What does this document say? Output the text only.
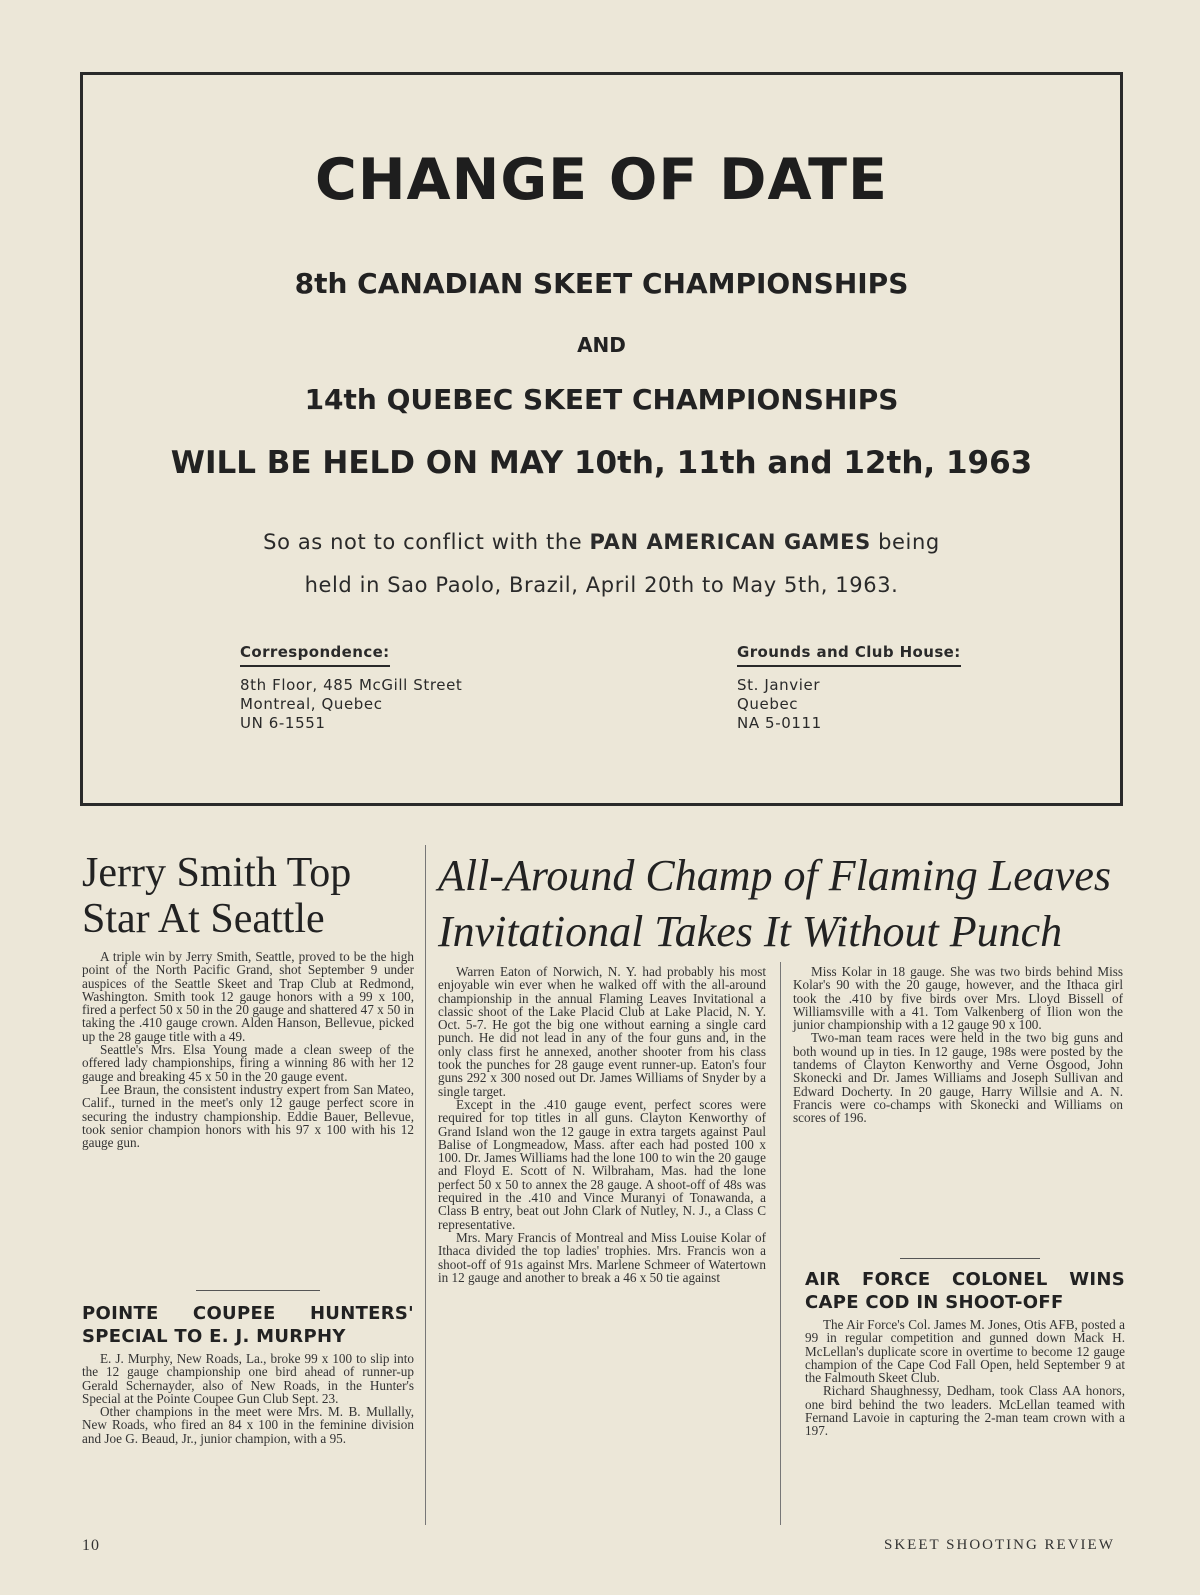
CHANGE OF DATE
8th CANADIAN SKEET CHAMPIONSHIPS
AND
14th QUEBEC SKEET CHAMPIONSHIPS
WILL BE HELD ON MAY 10th, 11th and 12th, 1963
So as not to conflict with the PAN AMERICAN GAMES being
held in Sao Paolo, Brazil, April 20th to May 5th, 1963.
Correspondence:
8th Floor, 485 McGill Street
Montreal, Quebec
UN 6-1551
Grounds and Club House:
St. Janvier
Quebec
NA 5-0111
Jerry Smith Top Star At Seattle

A triple win by Jerry Smith, Seattle, proved to be the high point of the North Pacific Grand, shot September 9 under auspices of the Seattle Skeet and Trap Club at Redmond, Washington. Smith took 12 gauge honors with a 99 x 100, fired a perfect 50 x 50 in the 20 gauge and shattered 47 x 50 in taking the .410 gauge crown. Alden Hanson, Bellevue, picked up the 28 gauge title with a 49.

Seattle's Mrs. Elsa Young made a clean sweep of the offered lady championships, firing a winning 86 with her 12 gauge and breaking 45 x 50 in the 20 gauge event.

Lee Braun, the consistent industry expert from San Mateo, Calif., turned in the meet's only 12 gauge perfect score in securing the industry championship. Eddie Bauer, Bellevue, took senior champion honors with his 97 x 100 with his 12 gauge gun.

POINTE COUPEE HUNTERS' SPECIAL TO E. J. MURPHY

E. J. Murphy, New Roads, La., broke 99 x 100 to slip into the 12 gauge championship one bird ahead of runner-up Gerald Schernayder, also of New Roads, in the Hunter's Special at the Pointe Coupee Gun Club Sept. 23.

Other champions in the meet were Mrs. M. B. Mullally, New Roads, who fired an 84 x 100 in the feminine division and Joe G. Beaud, Jr., junior champion, with a 95.

All-Around Champ of Flaming Leaves
Invitational Takes It Without Punch

Warren Eaton of Norwich, N. Y. had probably his most enjoyable win ever when he walked off with the all-around championship in the annual Flaming Leaves Invitational a classic shoot of the Lake Placid Club at Lake Placid, N. Y. Oct. 5-7. He got the big one without earning a single card punch. He did not lead in any of the four guns and, in the only class first he annexed, another shooter from his class took the punches for 28 gauge event runner-up. Eaton's four guns 292 x 300 nosed out Dr. James Williams of Snyder by a single target.

Except in the .410 gauge event, perfect scores were required for top titles in all guns. Clayton Kenworthy of Grand Island won the 12 gauge in extra targets against Paul Balise of Longmeadow, Mass. after each had posted 100 x 100. Dr. James Williams had the lone 100 to win the 20 gauge and Floyd E. Scott of N. Wilbraham, Mas. had the lone perfect 50 x 50 to annex the 28 gauge. A shoot-off of 48s was required in the .410 and Vince Muranyi of Tonawanda, a Class B entry, beat out John Clark of Nutley, N. J., a Class C representative.

Mrs. Mary Francis of Montreal and Miss Louise Kolar of Ithaca divided the top ladies' trophies. Mrs. Francis won a shoot-off of 91s against Mrs. Marlene Schmeer of Watertown in 12 gauge and another to break a 46 x 50 tie against

Miss Kolar in 18 gauge. She was two birds behind Miss Kolar's 90 with the 20 gauge, however, and the Ithaca girl took the .410 by five birds over Mrs. Lloyd Bissell of Williamsville with a 41. Tom Valkenberg of Ilion won the junior championship with a 12 gauge 90 x 100.

Two-man team races were held in the two big guns and both wound up in ties. In 12 gauge, 198s were posted by the tandems of Clayton Kenworthy and Verne Osgood, John Skonecki and Dr. James Williams and Joseph Sullivan and Edward Docherty. In 20 gauge, Harry Willsie and A. N. Francis were co-champs with Skonecki and Williams on scores of 196.

AIR FORCE COLONEL WINS CAPE COD IN SHOOT-OFF

The Air Force's Col. James M. Jones, Otis AFB, posted a 99 in regular competition and gunned down Mack H. McLellan's duplicate score in overtime to become 12 gauge champion of the Cape Cod Fall Open, held September 9 at the Falmouth Skeet Club.

Richard Shaughnessy, Dedham, took Class AA honors, one bird behind the two leaders. McLellan teamed with Fernand Lavoie in capturing the 2-man team crown with a 197.

10	SKEET SHOOTING REVIEW
